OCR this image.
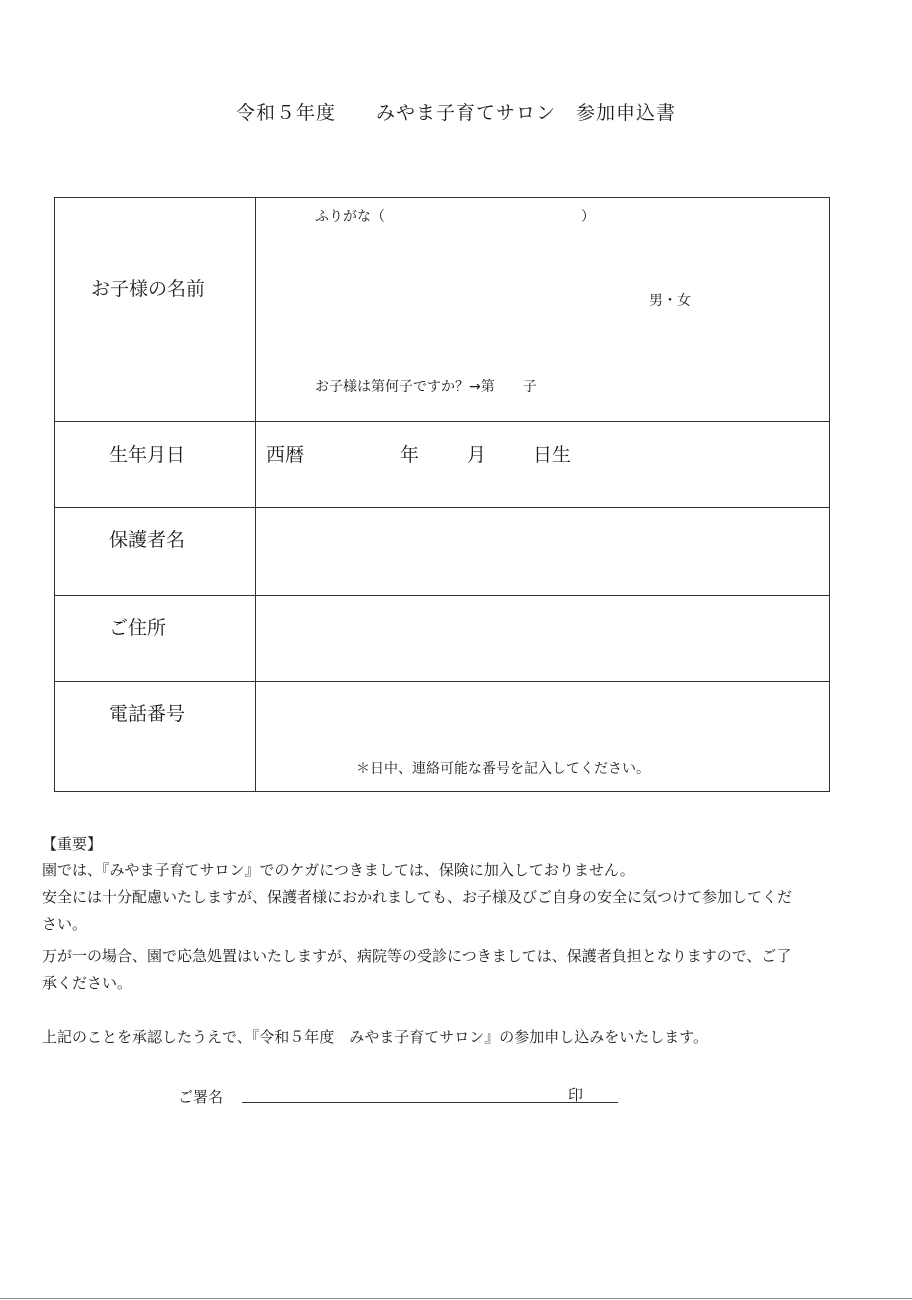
令和５年度　　みやま子育てサロン　参加申込書
お子様の名前	ふりがな（　　　　　　　　　　　　　　）
男・女
お子様は第何子ですか？→第　　子

生年月日	西暦 年 月 日生

保護者名	

ご住所	

電話番号	＊日中、連絡可能な番号を記入してください。
【重要】
園では、『みやま子育てサロン』でのケガにつきましては、保険に加入しておりません。
安全には十分配慮いたしますが、保護者様におかれましても、お子様及びご自身の安全に気つけて参加してくだ
さい。
万が一の場合、園で応急処置はいたしますが、病院等の受診につきましては、保護者負担となりますので、ご了
承ください。
上記のことを承認したうえで、『令和５年度　みやま子育てサロン』の参加申し込みをいたします。
ご署名	印
